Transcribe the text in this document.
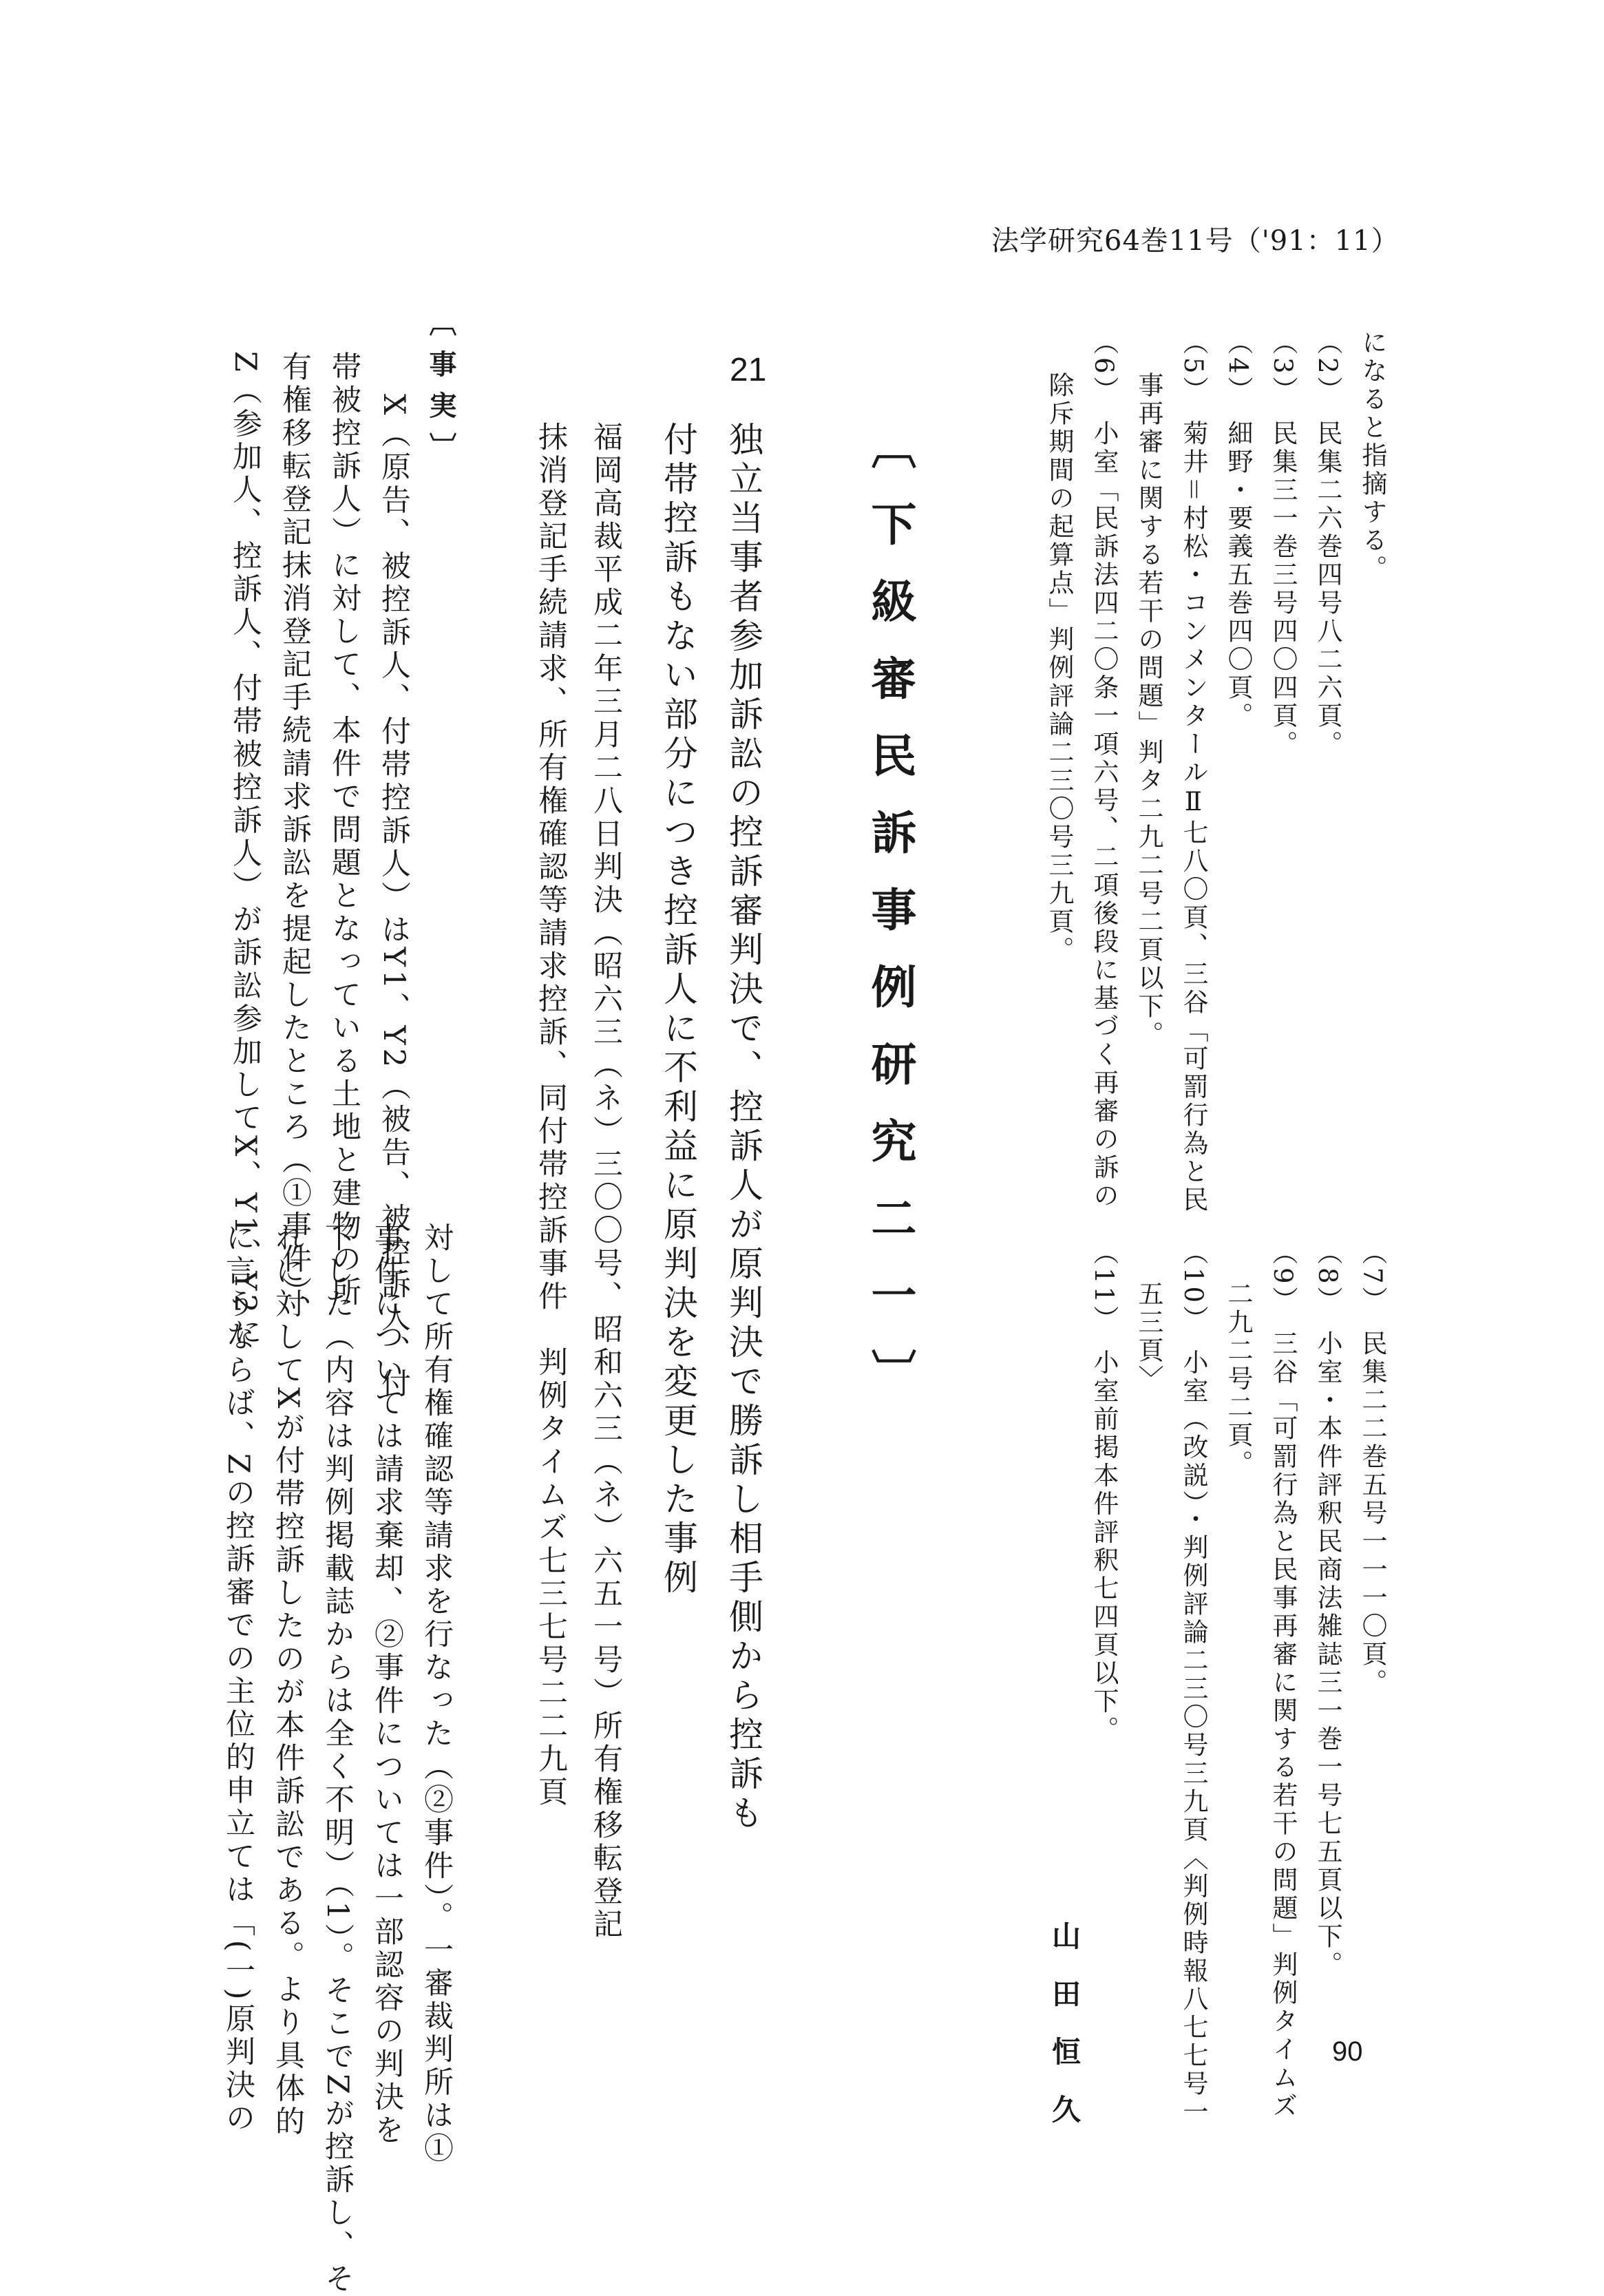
法学研究64巻11号（'91：11）
になると指摘する。
（2）　民集二六巻四号八二六頁。
（3）　民集三一巻三号四〇四頁。
（4）　細野・要義五巻四〇頁。
（5）　菊井＝村松・コンメンタールⅡ七八〇頁、三谷「可罰行為と民
事再審に関する若干の問題」判タ二九二号二頁以下。
（6）　小室「民訴法四二〇条一項六号、二項後段に基づく再審の訴の
除斥期間の起算点」判例評論二三〇号三九頁。
（7）　民集二二巻五号一一一〇頁。
（8）　小室・本件評釈民商法雑誌三一巻一号七五頁以下。
（9）　三谷「可罰行為と民事再審に関する若干の問題」判例タイムズ
二九二号二頁。
（10）　小室（改説）・判例評論二三〇号三九頁〈判例時報八七七号一
五三頁〉
（11）　小室前掲本件評釈七四頁以下。
山田恒久
〔下級審民訴事例研究二一〕
21
独立当事者参加訴訟の控訴審判決で、控訴人が原判決で勝訴し相手側から控訴も
付帯控訴もない部分につき控訴人に不利益に原判決を変更した事例
福岡高裁平成二年三月二八日判決（昭六三（ネ）三〇〇号、昭和六三（ネ）六五一号）所有権移転登記
抹消登記手続請求、所有権確認等請求控訴、同付帯控訴事件　判例タイムズ七三七号二二九頁
〔事実〕
X（原告、被控訴人、付帯控訴人）はY1、Y2（被告、被控訴人、付
帯被控訴人）に対して、本件で問題となっている土地と建物の所
有権移転登記抹消登記手続請求訴訟を提起したところ（①事件）、
Z（参加人、控訴人、付帯被控訴人）が訴訟参加してX、Y1、Y2に
対して所有権確認等請求を行なった（②事件）。一審裁判所は①
事件については請求棄却、②事件については一部認容の判決を
下した（内容は判例掲載誌からは全く不明）（1）。そこでZが控訴し、そ
れに対してXが付帯控訴したのが本件訴訟である。より具体的
に言うならば、Zの控訴審での主位的申立ては「(一)原判決の	90
